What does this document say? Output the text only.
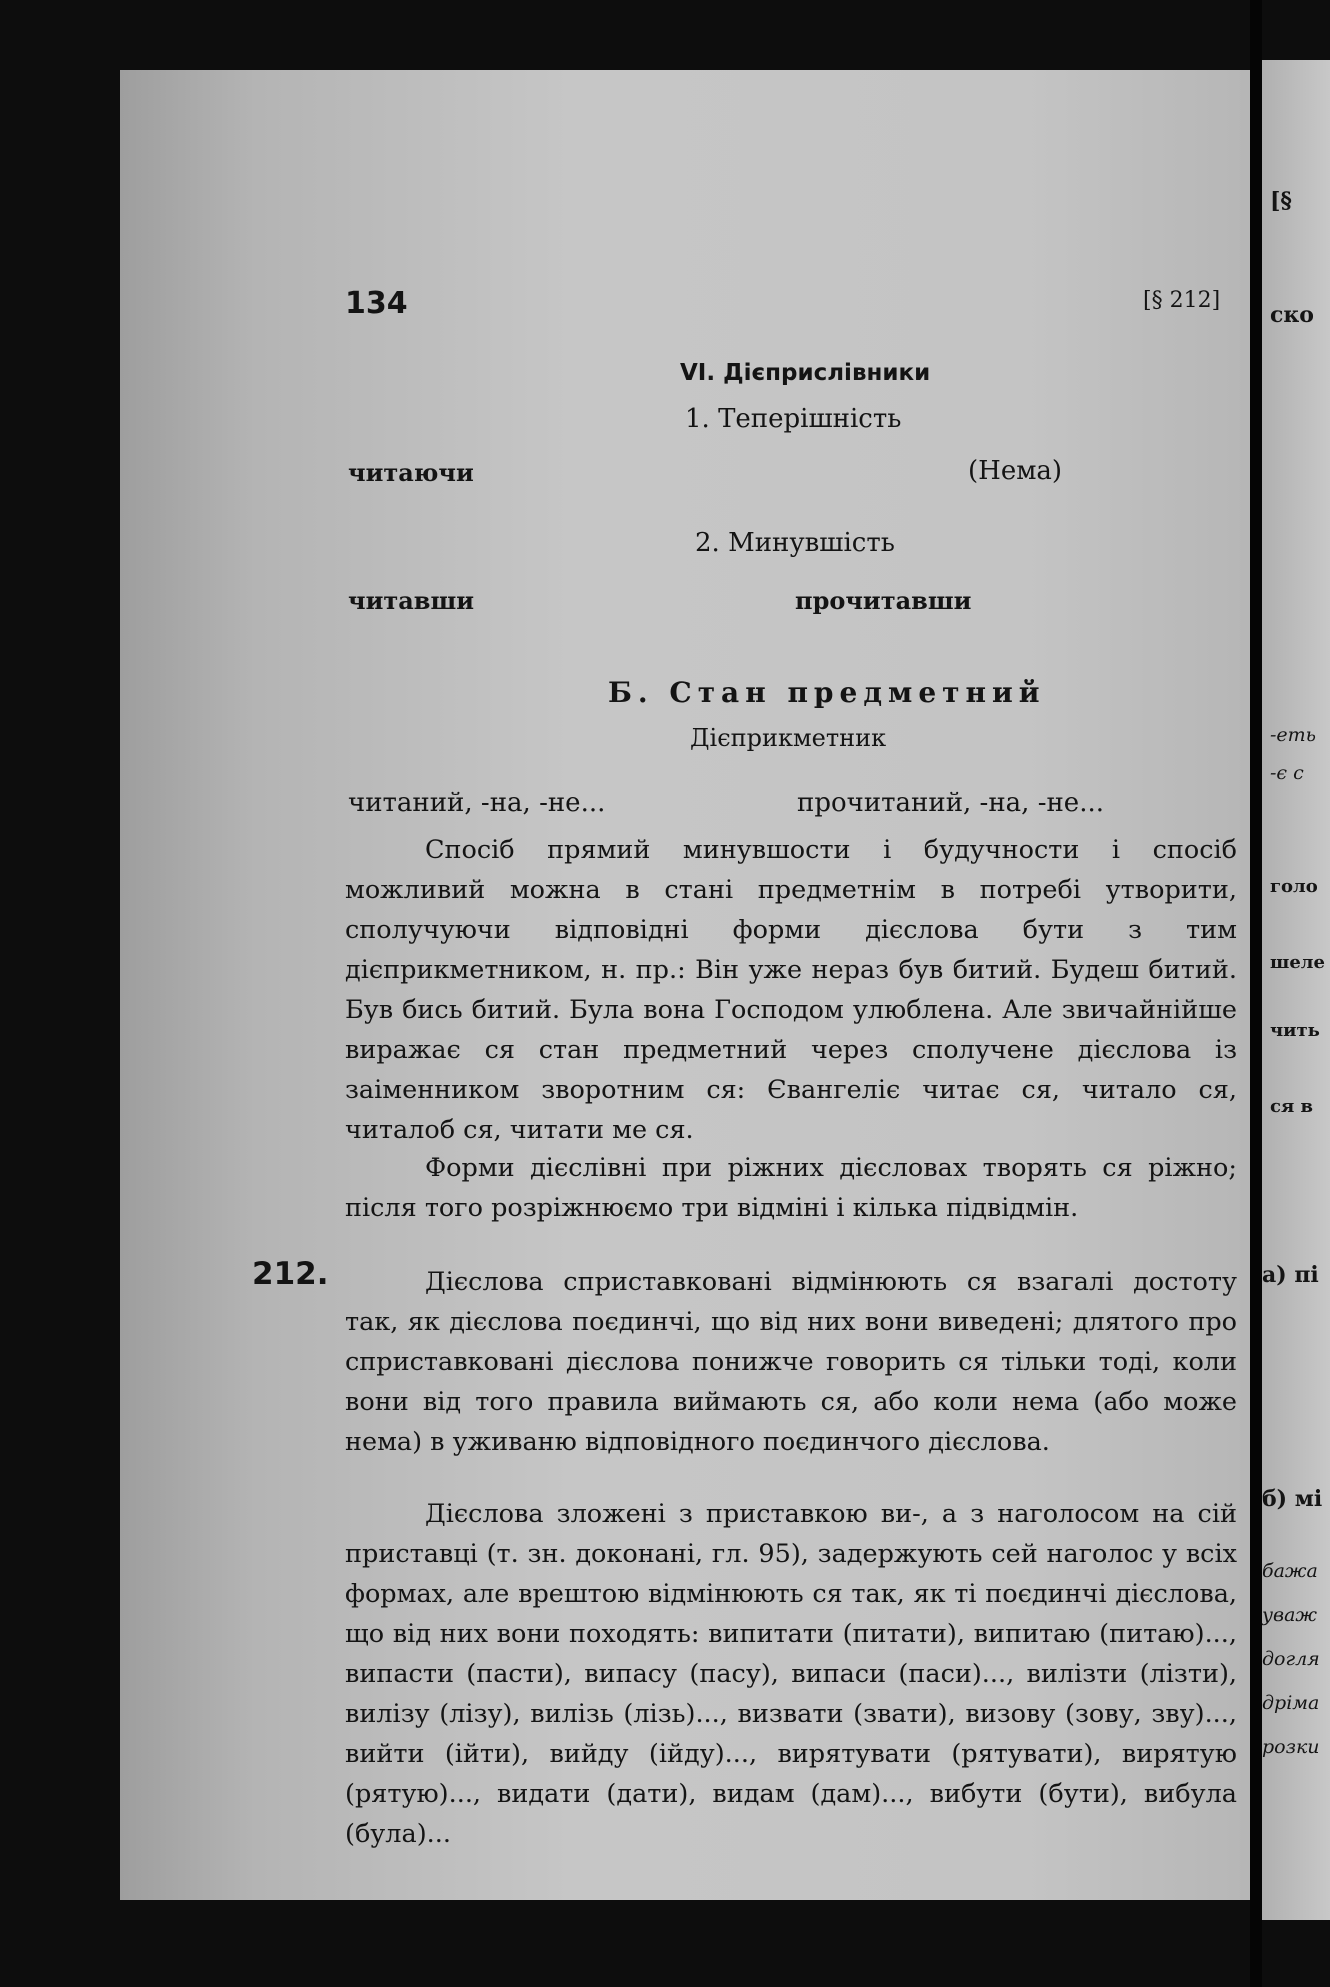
[§
ско
-еть
-є с
голо
шеле
чить
ся в
а) пі
б) мі
бажа
уваж
догля
дріма
розки
134	[§ 212]
VI. Дієприслівники
1. Теперішність
читаючи	(Нема)
2. Минувшість
читавши	прочитавши
Б. Стан предметний
Дієприкметник
читаний, -на, -не...	прочитаний, -на, -не...

Спосіб прямий минувшости і будучности і спосіб можливий можна в стані предметнім в потребі утворити, сполучуючи відповідні форми дієслова бути з тим дієприкметником, н. пр.: Він уже нераз був битий. Будеш битий. Був бись битий. Була вона Господом улюблена. Але звичайнійше виражає ся стан предметний через сполучене дієслова із заіменником зворотним ся: Євангеліє читає ся, читало ся, читалоб ся, читати ме ся.

Форми дієслівні при ріжних дієсловах творять ся ріжно; після того розріжнюємо три відміні і кілька підвідмін.

212.	Дієслова сприставковані відмінюють ся взагалі достоту так, як дієслова поєдинчі, що від них вони виведені; длятого про сприставковані дієслова понижче говорить ся тільки тоді, коли вони від того правила виймають ся, або коли нема (або може нема) в уживаню відповідного поєдинчого дієслова.

Дієслова зложені з приставкою ви-, а з наголосом на сій приставці (т. зн. доконані, гл. 95), задержують сей наголос у всіх формах, але врештою відмінюють ся так, як ті поєдинчі дієслова, що від них вони походять: випитати (питати), випитаю (питаю)..., випасти (пасти), випасу (пасу), випаси (паси)..., вилізти (лізти), вилізу (лізу), вилізь (лізь)..., визвати (звати), визову (зову, зву)..., вийти (ійти), вийду (ійду)..., вирятувати (рятувати), вирятую (рятую)..., видати (дати), видам (дам)..., вибути (бути), вибула (була)...
